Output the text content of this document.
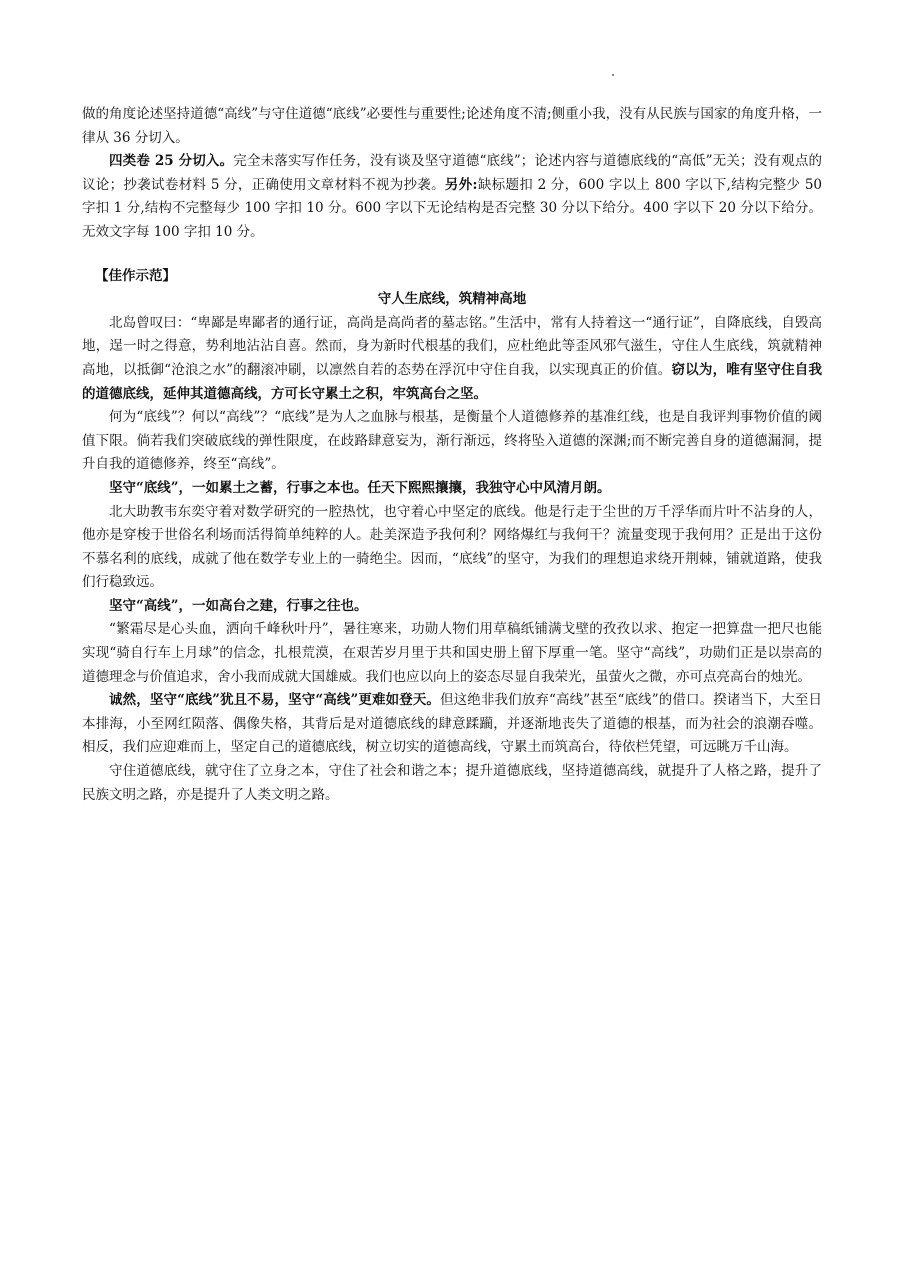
做的角度论述坚持道德“高线”与守住道德“底线”必要性与重要性;论述角度不清;侧重小我，没有从民族与国家的角度升格，一律从 36 分切入。

四类卷 25 分切入。完全未落实写作任务，没有谈及坚守道德“底线”；论述内容与道德底线的“高低”无关；没有观点的议论；抄袭试卷材料 5 分，正确使用文章材料不视为抄袭。另外:缺标题扣 2 分，600 字以上 800 字以下,结构完整少 50 字扣 1 分,结构不完整每少 100 字扣 10 分。600 字以下无论结构是否完整 30 分以下给分。400 字以下 20 分以下给分。无效文字每 100 字扣 10 分。

【佳作示范】

守人生底线，筑精神高地

北岛曾叹曰：“卑鄙是卑鄙者的通行证，高尚是高尚者的墓志铭。”生活中，常有人持着这一“通行证”，自降底线，自毁高地，逞一时之得意，势利地沾沾自喜。然而，身为新时代根基的我们，应杜绝此等歪风邪气滋生，守住人生底线，筑就精神高地，以抵御“沧浪之水”的翻滚冲刷，以凛然自若的态势在浮沉中守住自我，以实现真正的价值。窃以为，唯有坚守住自我的道德底线，延伸其道德高线，方可长守累土之积，牢筑高台之坚。

何为“底线”？何以“高线”？“底线”是为人之血脉与根基，是衡量个人道德修养的基准红线，也是自我评判事物价值的阈值下限。倘若我们突破底线的弹性限度，在歧路肆意妄为，渐行渐远，终将坠入道德的深渊;而不断完善自身的道德漏洞，提升自我的道德修养，终至“高线”。

坚守“底线”，一如累土之蓄，行事之本也。任天下熙熙攘攘，我独守心中风清月朗。

北大助教韦东奕守着对数学研究的一腔热忱，也守着心中坚定的底线。他是行走于尘世的万千浮华而片叶不沾身的人，他亦是穿梭于世俗名利场而活得简单纯粹的人。赴美深造予我何利？网络爆红与我何干？流量变现于我何用？正是出于这份不慕名利的底线，成就了他在数学专业上的一骑绝尘。因而，“底线”的坚守，为我们的理想追求绕开荆棘，铺就道路，使我们行稳致远。

坚守“高线”，一如高台之建，行事之往也。

“繁霜尽是心头血，洒向千峰秋叶丹”，暑往寒来，功勋人物们用草稿纸铺满戈壁的孜孜以求、抱定一把算盘一把尺也能实现“骑自行车上月球”的信念，扎根荒漠，在艰苦岁月里于共和国史册上留下厚重一笔。坚守“高线”，功勋们正是以崇高的道德理念与价值追求，舍小我而成就大国雄威。我们也应以向上的姿态尽显自我荣光，虽萤火之微，亦可点亮高台的烛光。

诚然，坚守“底线”犹且不易，坚守“高线”更难如登天。但这绝非我们放弃“高线”甚至“底线”的借口。揆诸当下，大至日本排海，小至网红陨落、偶像失格，其背后是对道德底线的肆意蹂躏，并逐渐地丧失了道德的根基，而为社会的浪潮吞噬。相反，我们应迎难而上，坚定自己的道德底线，树立切实的道德高线，守累土而筑高台，待依栏凭望，可远眺万千山海。

守住道德底线，就守住了立身之本，守住了社会和谐之本；提升道德底线，坚持道德高线，就提升了人格之路，提升了民族文明之路，亦是提升了人类文明之路。
